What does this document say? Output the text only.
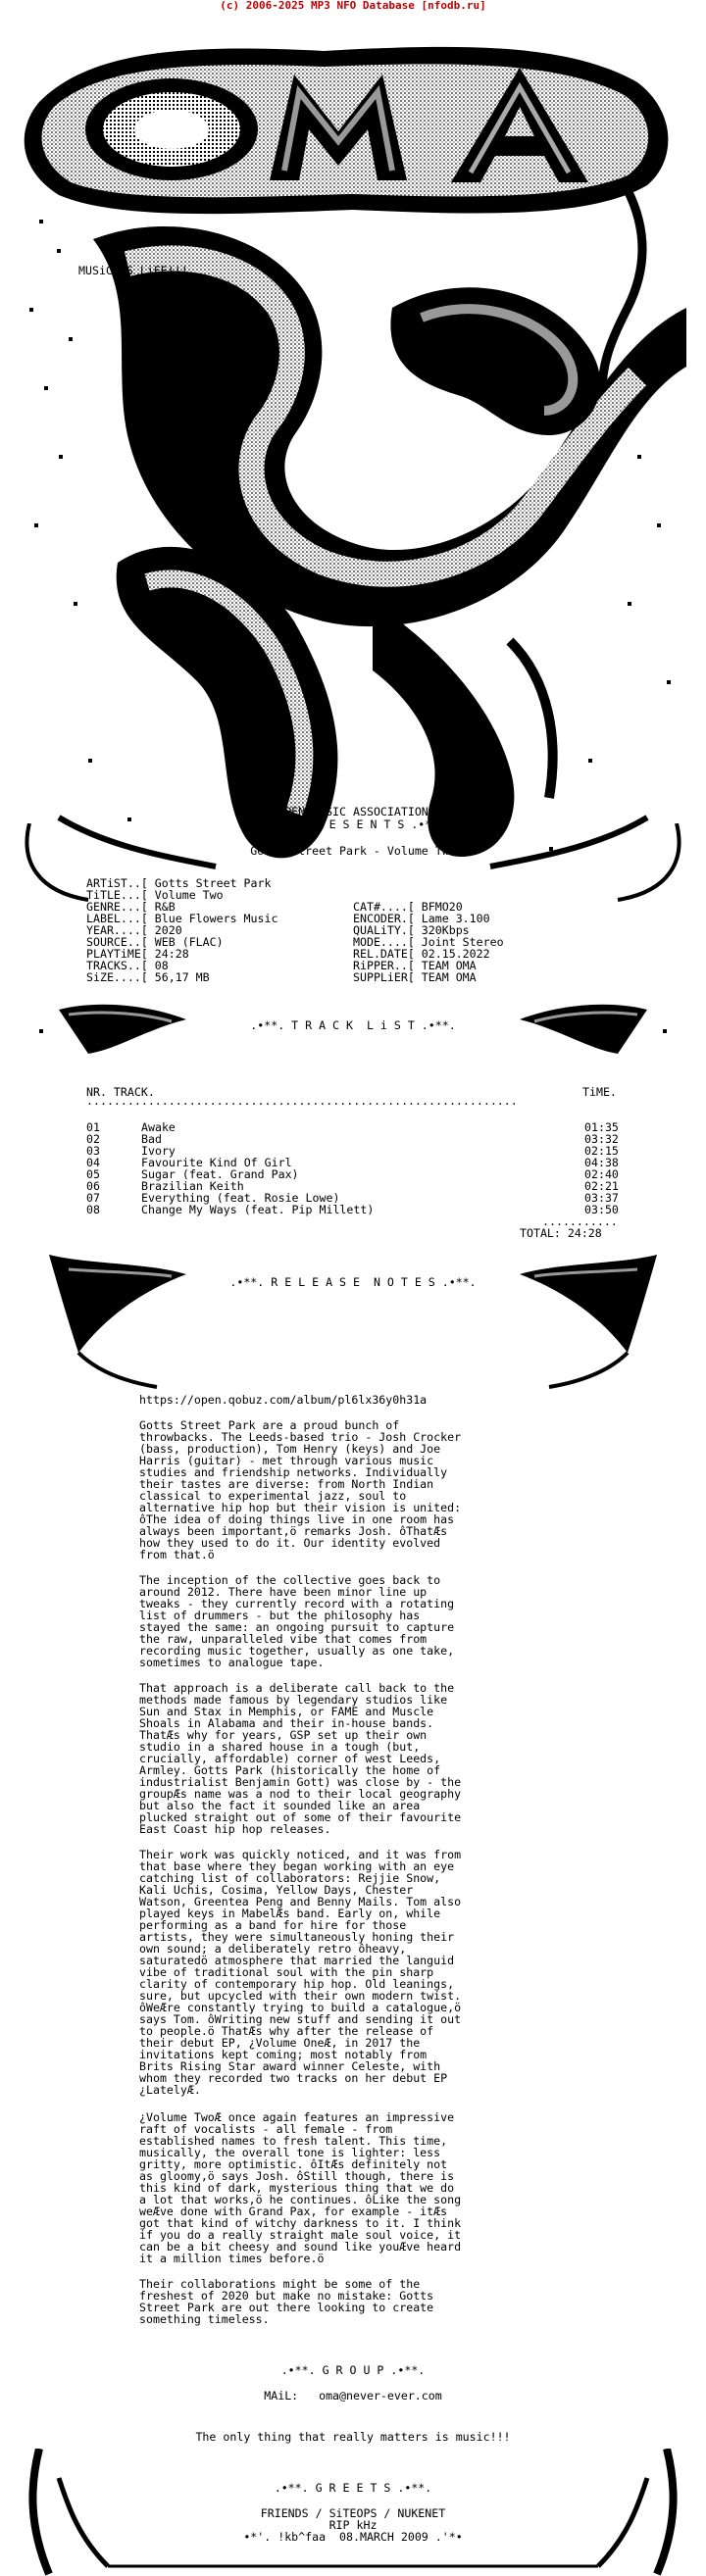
(c) 2006-2025 MP3 NFO Database [nfodb.ru]
MUSiC iS LiFE!!!
OPEN MUSIC ASSOCIATION
.•**. P R E S E N T S .•**.
Gotts Street Park - Volume Two
ARTiST..[ Gotts Street Park
TiTLE...[ Volume Two
GENRE...[ R&B
LABEL...[ Blue Flowers Music
YEAR....[ 2020
SOURCE..[ WEB (FLAC)
PLAYTiME[ 24:28
TRACKS..[ 08
SiZE....[ 56,17 MB
CAT#....[ BFMO20
ENCODER.[ Lame 3.100
QUALiTY.[ 320Kbps
MODE....[ Joint Stereo
REL.DATE[ 02.15.2022
RiPPER..[ TEAM OMA
SUPPLiER[ TEAM OMA
.•**. T R A C K  L i S T .•**.
NR. TRACK.	TiME.
·······························································
01	Awake	01:35
02	Bad	03:32
03	Ivory	02:15
04	Favourite Kind Of Girl	04:38
05	Sugar (feat. Grand Pax)	02:40
06	Brazilian Keith	02:21
07	Everything (feat. Rosie Lowe)	03:37
08	Change My Ways (feat. Pip Millett)	03:50
...........
TOTAL: 24:28
.•**. R E L E A S E  N O T E S .•**.
https://open.qobuz.com/album/pl6lx36y0h31a
Gotts Street Park are a proud bunch of
throwbacks. The Leeds-based trio - Josh Crocker
(bass, production), Tom Henry (keys) and Joe
Harris (guitar) - met through various music
studies and friendship networks. Individually
their tastes are diverse: from North Indian
classical to experimental jazz, soul to
alternative hip hop but their vision is united:
ôThe idea of doing things live in one room has
always been important,ö remarks Josh. ôThatÆs
how they used to do it. Our identity evolved
from that.ö
The inception of the collective goes back to
around 2012. There have been minor line up
tweaks - they currently record with a rotating
list of drummers - but the philosophy has
stayed the same: an ongoing pursuit to capture
the raw, unparalleled vibe that comes from
recording music together, usually as one take,
sometimes to analogue tape.
That approach is a deliberate call back to the
methods made famous by legendary studios like
Sun and Stax in Memphis, or FAME and Muscle
Shoals in Alabama and their in-house bands.
ThatÆs why for years, GSP set up their own
studio in a shared house in a tough (but,
crucially, affordable) corner of west Leeds,
Armley. Gotts Park (historically the home of
industrialist Benjamin Gott) was close by - the
groupÆs name was a nod to their local geography
but also the fact it sounded like an area
plucked straight out of some of their favourite
East Coast hip hop releases.
Their work was quickly noticed, and it was from
that base where they began working with an eye
catching list of collaborators: Rejjie Snow,
Kali Uchis, Cosima, Yellow Days, Chester
Watson, Greentea Peng and Benny Mails. Tom also
played keys in MabelÆs band. Early on, while
performing as a band for hire for those
artists, they were simultaneously honing their
own sound; a deliberately retro ôheavy,
saturatedö atmosphere that married the languid
vibe of traditional soul with the pin sharp
clarity of contemporary hip hop. Old leanings,
sure, but upcycled with their own modern twist.
ôWeÆre constantly trying to build a catalogue,ö
says Tom. ôWriting new stuff and sending it out
to people.ö ThatÆs why after the release of
their debut EP, ¿Volume OneÆ, in 2017 the
invitations kept coming; most notably from
Brits Rising Star award winner Celeste, with
whom they recorded two tracks on her debut EP
¿LatelyÆ.
¿Volume TwoÆ once again features an impressive
raft of vocalists - all female - from
established names to fresh talent. This time,
musically, the overall tone is lighter: less
gritty, more optimistic. ôItÆs definitely not
as gloomy,ö says Josh. ôStill though, there is
this kind of dark, mysterious thing that we do
a lot that works,ö he continues. ôLike the song
weÆve done with Grand Pax, for example - itÆs
got that kind of witchy darkness to it. I think
if you do a really straight male soul voice, it
can be a bit cheesy and sound like youÆve heard
it a million times before.ö
Their collaborations might be some of the
freshest of 2020 but make no mistake: Gotts
Street Park are out there looking to create
something timeless.
.•**. G R O U P .•**.
MAiL:   oma@never-ever.com
The only thing that really matters is music!!!
.•**. G R E E T S .•**.
FRIENDS / SiTEOPS / NUKENET
RIP kHz
•*'. !kb^faa  08.MARCH 2009 .'*•
